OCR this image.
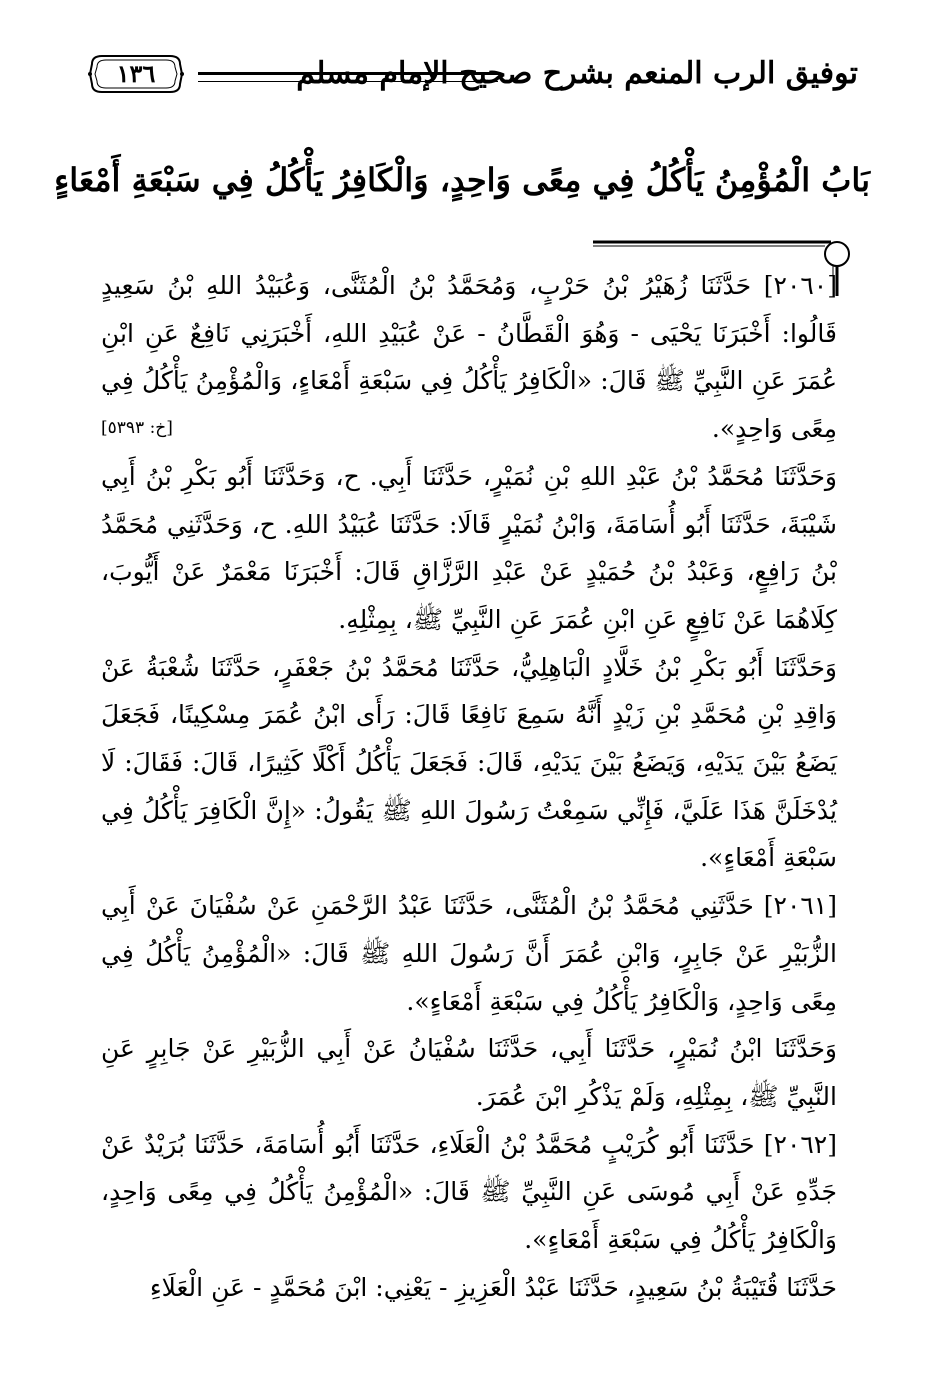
١٣٦	توفيق الرب المنعم بشرح صحيح الإمام مسلم
بَابُ الْمُؤْمِنُ يَأْكُلُ فِي مِعًى وَاحِدٍ، وَالْكَافِرُ يَأْكُلُ فِي سَبْعَةِ أَمْعَاءٍ

[٢٠٦٠] حَدَّثَنَا زُهَيْرُ بْنُ حَرْبٍ، وَمُحَمَّدُ بْنُ الْمُثَنَّى، وَعُبَيْدُ اللهِ بْنُ سَعِيدٍ قَالُوا: أَخْبَرَنَا يَحْيَى - وَهُوَ الْقَطَّانُ - عَنْ عُبَيْدِ اللهِ، أَخْبَرَنِي نَافِعٌ عَنِ ابْنِ عُمَرَ عَنِ النَّبِيِّ ﷺ قَالَ: «الْكَافِرُ يَأْكُلُ فِي سَبْعَةِ أَمْعَاءٍ، وَالْمُؤْمِنُ يَأْكُلُ فِي مِعًى وَاحِدٍ».
[خ: ٥٣٩٣]

وَحَدَّثَنَا مُحَمَّدُ بْنُ عَبْدِ اللهِ بْنِ نُمَيْرٍ، حَدَّثَنَا أَبِي. ح، وَحَدَّثَنَا أَبُو بَكْرِ بْنُ أَبِي شَيْبَةَ، حَدَّثَنَا أَبُو أُسَامَةَ، وَابْنُ نُمَيْرٍ قَالَا: حَدَّثَنَا عُبَيْدُ اللهِ. ح، وَحَدَّثَنِي مُحَمَّدُ بْنُ رَافِعٍ، وَعَبْدُ بْنُ حُمَيْدٍ عَنْ عَبْدِ الرَّزَّاقِ قَالَ: أَخْبَرَنَا مَعْمَرٌ عَنْ أَيُّوبَ، كِلَاهُمَا عَنْ نَافِعٍ عَنِ ابْنِ عُمَرَ عَنِ النَّبِيِّ ﷺ، بِمِثْلِهِ.

وَحَدَّثَنَا أَبُو بَكْرِ بْنُ خَلَّادٍ الْبَاهِلِيُّ، حَدَّثَنَا مُحَمَّدُ بْنُ جَعْفَرٍ، حَدَّثَنَا شُعْبَةُ عَنْ وَاقِدِ بْنِ مُحَمَّدِ بْنِ زَيْدٍ أَنَّهُ سَمِعَ نَافِعًا قَالَ: رَأَى ابْنُ عُمَرَ مِسْكِينًا، فَجَعَلَ يَضَعُ بَيْنَ يَدَيْهِ، وَيَضَعُ بَيْنَ يَدَيْهِ، قَالَ: فَجَعَلَ يَأْكُلُ أَكْلًا كَثِيرًا، قَالَ: فَقَالَ: لَا يُدْخَلَنَّ هَذَا عَلَيَّ، فَإِنِّي سَمِعْتُ رَسُولَ اللهِ ﷺ يَقُولُ: «إِنَّ الْكَافِرَ يَأْكُلُ فِي سَبْعَةِ أَمْعَاءٍ».

[٢٠٦١] حَدَّثَنِي مُحَمَّدُ بْنُ الْمُثَنَّى، حَدَّثَنَا عَبْدُ الرَّحْمَنِ عَنْ سُفْيَانَ عَنْ أَبِي الزُّبَيْرِ عَنْ جَابِرٍ، وَابْنِ عُمَرَ أَنَّ رَسُولَ اللهِ ﷺ قَالَ: «الْمُؤْمِنُ يَأْكُلُ فِي مِعًى وَاحِدٍ، وَالْكَافِرُ يَأْكُلُ فِي سَبْعَةِ أَمْعَاءٍ».

وَحَدَّثَنَا ابْنُ نُمَيْرٍ، حَدَّثَنَا أَبِي، حَدَّثَنَا سُفْيَانُ عَنْ أَبِي الزُّبَيْرِ عَنْ جَابِرٍ عَنِ النَّبِيِّ ﷺ، بِمِثْلِهِ، وَلَمْ يَذْكُرِ ابْنَ عُمَرَ.

[٢٠٦٢] حَدَّثَنَا أَبُو كُرَيْبٍ مُحَمَّدُ بْنُ الْعَلَاءِ، حَدَّثَنَا أَبُو أُسَامَةَ، حَدَّثَنَا بُرَيْدٌ عَنْ جَدِّهِ عَنْ أَبِي مُوسَى عَنِ النَّبِيِّ ﷺ قَالَ: «الْمُؤْمِنُ يَأْكُلُ فِي مِعًى وَاحِدٍ، وَالْكَافِرُ يَأْكُلُ فِي سَبْعَةِ أَمْعَاءٍ».

حَدَّثَنَا قُتَيْبَةُ بْنُ سَعِيدٍ، حَدَّثَنَا عَبْدُ الْعَزِيزِ - يَعْنِي: ابْنَ مُحَمَّدٍ - عَنِ الْعَلَاءِ
